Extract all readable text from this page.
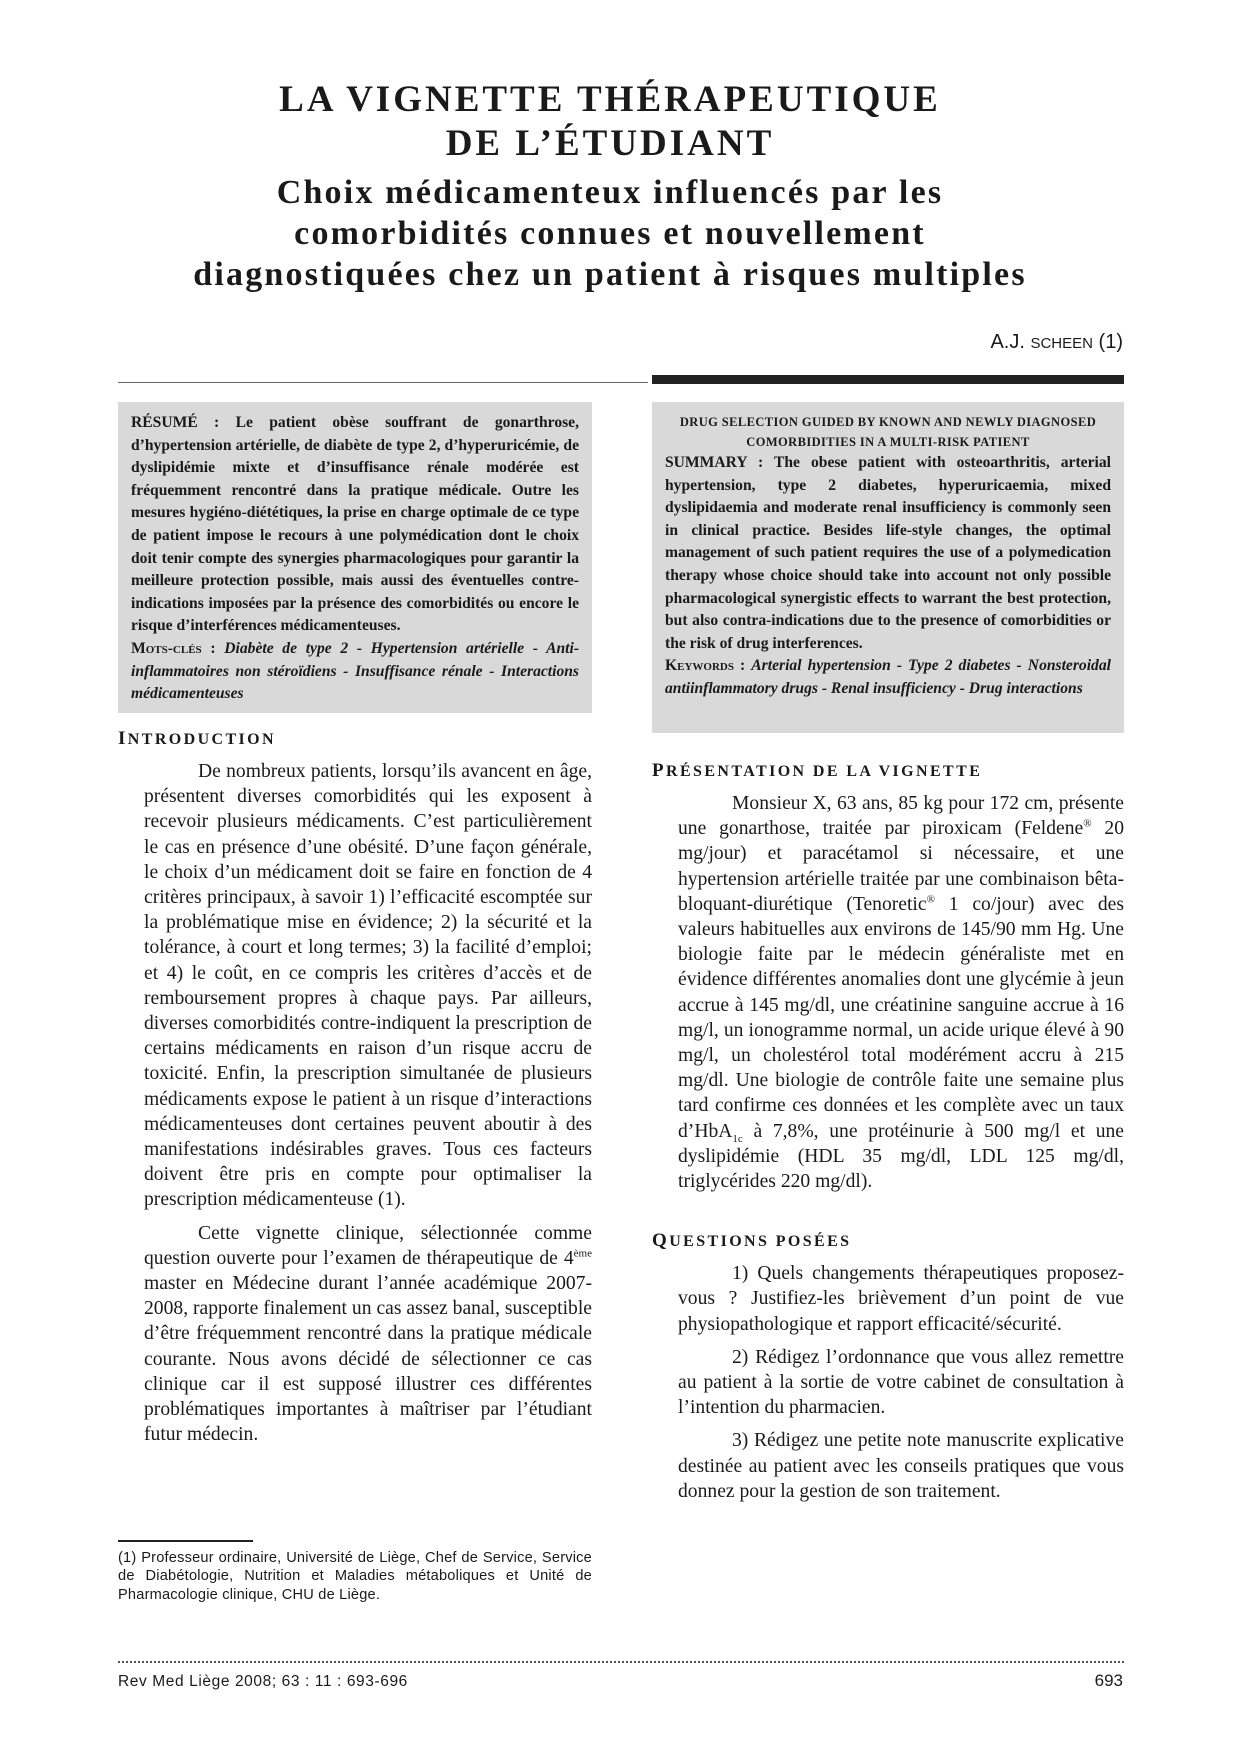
LA VIGNETTE THÉRAPEUTIQUE
DE L’ÉTUDIANT
Choix médicamenteux influencés par les
comorbidités connues et nouvellement
diagnostiquées chez un patient à risques multiples
A.J. SCHEEN (1)
RÉSUMÉ : Le patient obèse souffrant de gonarthrose, d’hypertension artérielle, de diabète de type 2, d’hyperuricémie, de dyslipidémie mixte et d’insuffisance rénale modérée est fréquemment rencontré dans la pratique médicale. Outre les mesures hygiéno-diététiques, la prise en charge optimale de ce type de patient impose le recours à une polymédication dont le choix doit tenir compte des synergies pharmacologiques pour garantir la meilleure protection possible, mais aussi des éventuelles contre-indications imposées par la présence des comorbidités ou encore le risque d’interférences médicamenteuses.
Mots-clés : Diabète de type 2 - Hypertension artérielle - Anti-inflammatoires non stéroïdiens - Insuffisance rénale - Interactions médicamenteuses
DRUG SELECTION GUIDED BY KNOWN AND NEWLY DIAGNOSED
COMORBIDITIES IN A MULTI-RISK PATIENT
SUMMARY : The obese patient with osteoarthritis, arterial hypertension, type 2 diabetes, hyperuricaemia, mixed dyslipidaemia and moderate renal insufficiency is commonly seen in clinical practice. Besides life-style changes, the optimal management of such patient requires the use of a polymedication therapy whose choice should take into account not only possible pharmacological synergistic effects to warrant the best protection, but also contra-indications due to the presence of comorbidities or the risk of drug interferences.
Keywords : Arterial hypertension - Type 2 diabetes - Nonsteroidal antiinflammatory drugs - Renal insufficiency - Drug interactions
INTRODUCTION

De nombreux patients, lorsqu’ils avancent en âge, présentent diverses comorbidités qui les exposent à recevoir plusieurs médicaments. C’est particulièrement le cas en présence d’une obésité. D’une façon générale, le choix d’un médicament doit se faire en fonction de 4 critères principaux, à savoir 1) l’efficacité escomptée sur la problématique mise en évidence; 2) la sécurité et la tolérance, à court et long termes; 3) la facilité d’emploi; et 4) le coût, en ce compris les critères d’accès et de remboursement propres à chaque pays. Par ailleurs, diverses comorbidités contre-indiquent la prescription de certains médicaments en raison d’un risque accru de toxicité. Enfin, la prescription simultanée de plusieurs médicaments expose le patient à un risque d’interactions médicamenteuses dont certaines peuvent aboutir à des manifestations indésirables graves. Tous ces facteurs doivent être pris en compte pour optimaliser la prescription médicamenteuse (1).

Cette vignette clinique, sélectionnée comme question ouverte pour l’examen de thérapeutique de 4ème master en Médecine durant l’année académique 2007-2008, rapporte finalement un cas assez banal, susceptible d’être fréquemment rencontré dans la pratique médicale courante. Nous avons décidé de sélectionner ce cas clinique car il est supposé illustrer ces différentes problématiques importantes à maîtriser par l’étudiant futur médecin.

PRÉSENTATION DE LA VIGNETTE

Monsieur X, 63 ans, 85 kg pour 172 cm, présente une gonarthose, traitée par piroxicam (Feldene® 20 mg/jour) et paracétamol si nécessaire, et une hypertension artérielle traitée par une combinaison bêta-bloquant-diurétique (Tenoretic® 1 co/jour) avec des valeurs habituelles aux environs de 145/90 mm Hg. Une biologie faite par le médecin généraliste met en évidence différentes anomalies dont une glycémie à jeun accrue à 145 mg/dl, une créatinine sanguine accrue à 16 mg/l, un ionogramme normal, un acide urique élevé à 90 mg/l, un cholestérol total modérément accru à 215 mg/dl. Une biologie de contrôle faite une semaine plus tard confirme ces données et les complète avec un taux d’HbA$_{1c}$ à 7,8%, une protéinurie à 500 mg/l et une dyslipidémie (HDL 35 mg/dl, LDL 125 mg/dl, triglycérides 220 mg/dl).

QUESTIONS POSÉES

1) Quels changements thérapeutiques proposez-vous ? Justifiez-les brièvement d’un point de vue physiopathologique et rapport efficacité/sécurité.

2) Rédigez l’ordonnance que vous allez remettre au patient à la sortie de votre cabinet de consultation à l’intention du pharmacien.

3) Rédigez une petite note manuscrite explicative destinée au patient avec les conseils pratiques que vous donnez pour la gestion de son traitement.

(1) Professeur ordinaire, Université de Liège, Chef de Service, Service de Diabétologie, Nutrition et Maladies métaboliques et Unité de Pharmacologie clinique, CHU de Liège.
Rev Med Liège 2008; 63 : 11 : 693-696	693
